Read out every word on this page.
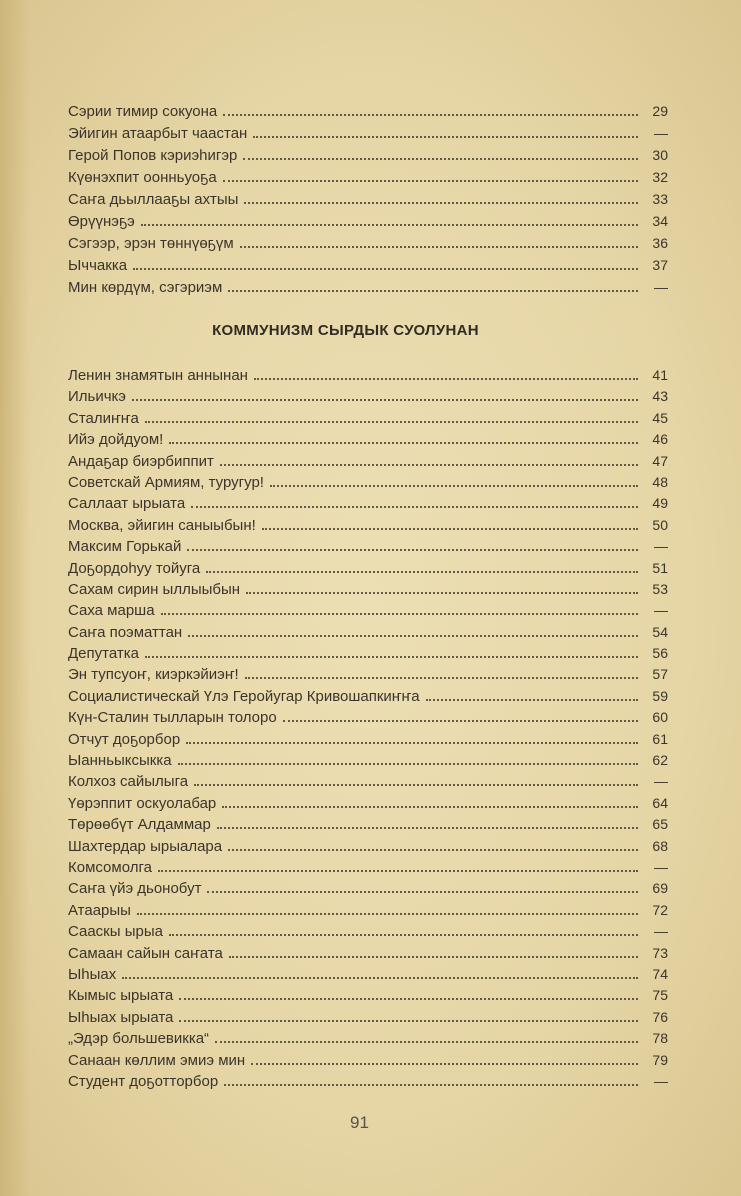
Сэрии тимир сокуона	29
Эйигин атаарбыт чаастан	—
Герой Попов кэриэһигэр	30
Күөнэхпит оонньуоҕа	32
Саҥа дьыллааҕы ахтыы	33
Өрүүнэҕэ	34
Сэгээр, эрэн төннүөҕүм	36
Ыччакка	37
Мин көрдүм, сэгэриэм	—
КОММУНИЗМ СЫРДЫК СУОЛУНАН
Ленин знамятын аннынан	41
Ильичкэ	43
Сталиҥҥа	45
Ийэ дойдуом!	46
Андаҕар биэрбиппит	47
Советскай Армиям, туругур!	48
Саллаат ырыата	49
Москва, эйигин саныыбын!	50
Максим Горькай	—
Доҕордоһуу тойуга	51
Сахам сирин ыллыыбын	53
Саха марша	—
Саҥа поэматтан	54
Депутатка	56
Эн тупсуоҥ, киэркэйиэҥ!	57
Социалистическай Үлэ Геройугар Кривошапкиҥҥа	59
Күн-Сталин тылларын толоро	60
Отчут доҕорбор	61
Ыанньыксыкка	62
Колхоз сайылыга	—
Үөрэппит оскуолабар	64
Төрөөбүт Алдаммар	65
Шахтердар ырыалара	68
Комсомолга	—
Саҥа үйэ дьонобут	69
Атаарыы	72
Сааскы ырыа	—
Самаан сайын саҥата	73
Ыһыах	74
Кымыс ырыата	75
Ыһыах ырыата	76
„Эдэр большевикка“	78
Санаан көллим эмиэ мин	79
Студент доҕотторбор	—
91
